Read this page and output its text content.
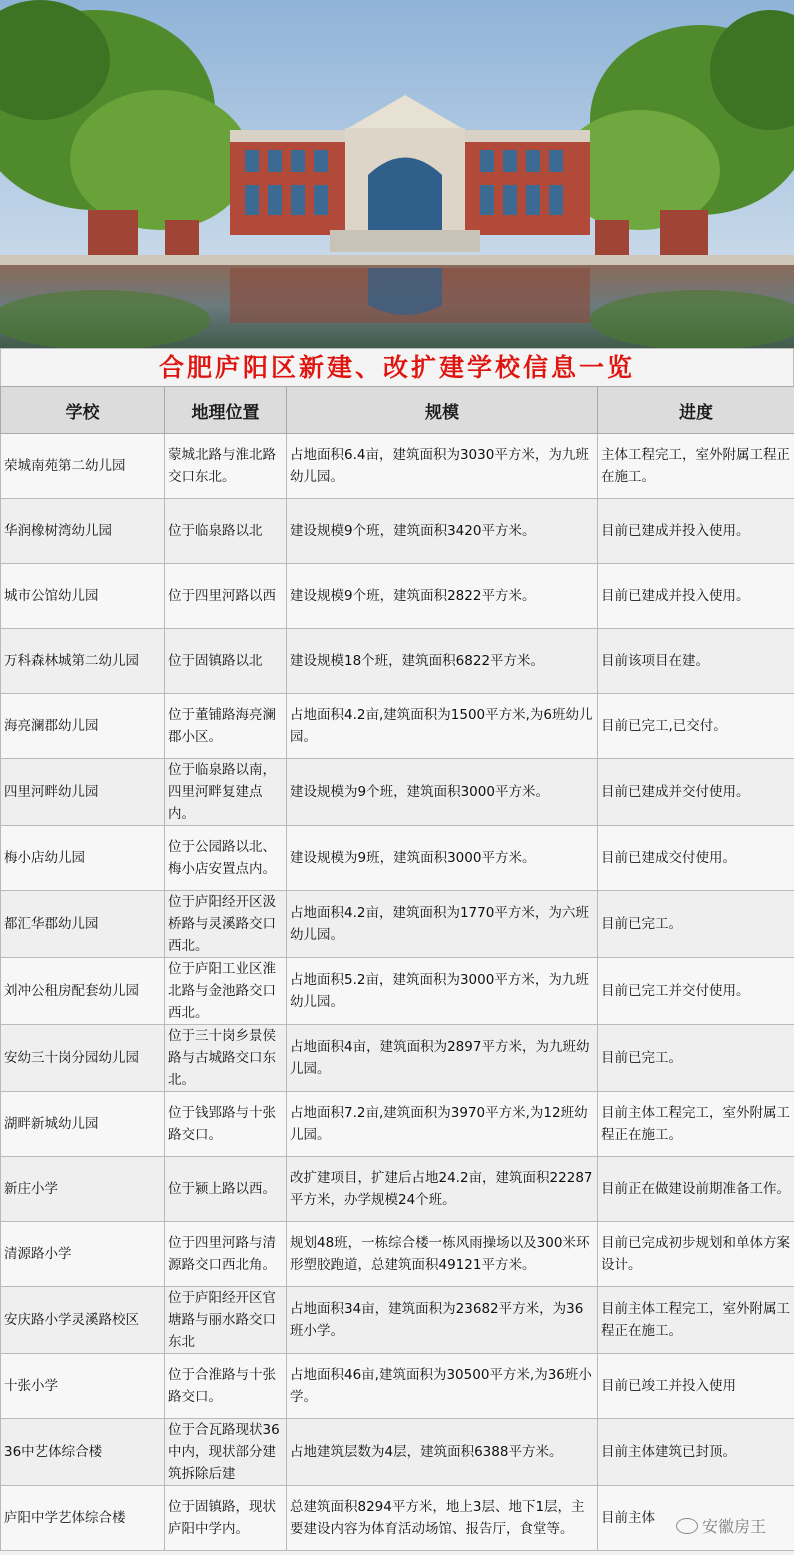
合肥庐阳区新建、改扩建学校信息一览
学校	地理位置	规模	进度
荣城南苑第二幼儿园	蒙城北路与淮北路交口东北。	占地面积6.4亩，建筑面积为3030平方米，为九班幼儿园。	主体工程完工，室外附属工程正在施工。
华润橡树湾幼儿园	位于临泉路以北	建设规模9个班，建筑面积3420平方米。	目前已建成并投入使用。
城市公馆幼儿园	位于四里河路以西	建设规模9个班，建筑面积2822平方米。	目前已建成并投入使用。
万科森林城第二幼儿园	位于固镇路以北	建设规模18个班，建筑面积6822平方米。	目前该项目在建。
海亮澜郡幼儿园	位于董铺路海亮澜郡小区。	占地面积4.2亩,建筑面积为1500平方米,为6班幼儿园。	目前已完工,已交付。
四里河畔幼儿园	位于临泉路以南，四里河畔复建点内。	建设规模为9个班，建筑面积3000平方米。	目前已建成并交付使用。
梅小店幼儿园	位于公园路以北、梅小店安置点内。	建设规模为9班，建筑面积3000平方米。	目前已建成交付使用。
都汇华郡幼儿园	位于庐阳经开区汲桥路与灵溪路交口西北。	占地面积4.2亩，建筑面积为1770平方米，为六班幼儿园。	目前已完工。
刘冲公租房配套幼儿园	位于庐阳工业区淮北路与金池路交口西北。	占地面积5.2亩，建筑面积为3000平方米，为九班幼儿园。	目前已完工并交付使用。
安幼三十岗分园幼儿园	位于三十岗乡景侯路与古城路交口东北。	占地面积4亩，建筑面积为2897平方米，为九班幼儿园。	目前已完工。
湖畔新城幼儿园	位于钱郢路与十张路交口。	占地面积7.2亩,建筑面积为3970平方米,为12班幼儿园。	目前主体工程完工，室外附属工程正在施工。
新庄小学	位于颍上路以西。	改扩建项目，扩建后占地24.2亩，建筑面积22287平方米，办学规模24个班。	目前正在做建设前期准备工作。
清源路小学	位于四里河路与清源路交口西北角。	规划48班，一栋综合楼一栋风雨操场以及300米环形塑胶跑道，总建筑面积49121平方米。	目前已完成初步规划和单体方案设计。
安庆路小学灵溪路校区	位于庐阳经开区官塘路与丽水路交口东北	占地面积34亩，建筑面积为23682平方米，为36班小学。	目前主体工程完工，室外附属工程正在施工。
十张小学	位于合淮路与十张路交口。	占地面积46亩,建筑面积为30500平方米,为36班小学。	目前已竣工并投入使用
36中艺体综合楼	位于合瓦路现状36中内，现状部分建筑拆除后建	占地建筑层数为4层，建筑面积6388平方米。	目前主体建筑已封顶。
庐阳中学艺体综合楼	位于固镇路，现状庐阳中学内。	总建筑面积8294平方米，地上3层、地下1层，主要建设内容为体育活动场馆、报告厅，食堂等。	目前主体	安徽房王
